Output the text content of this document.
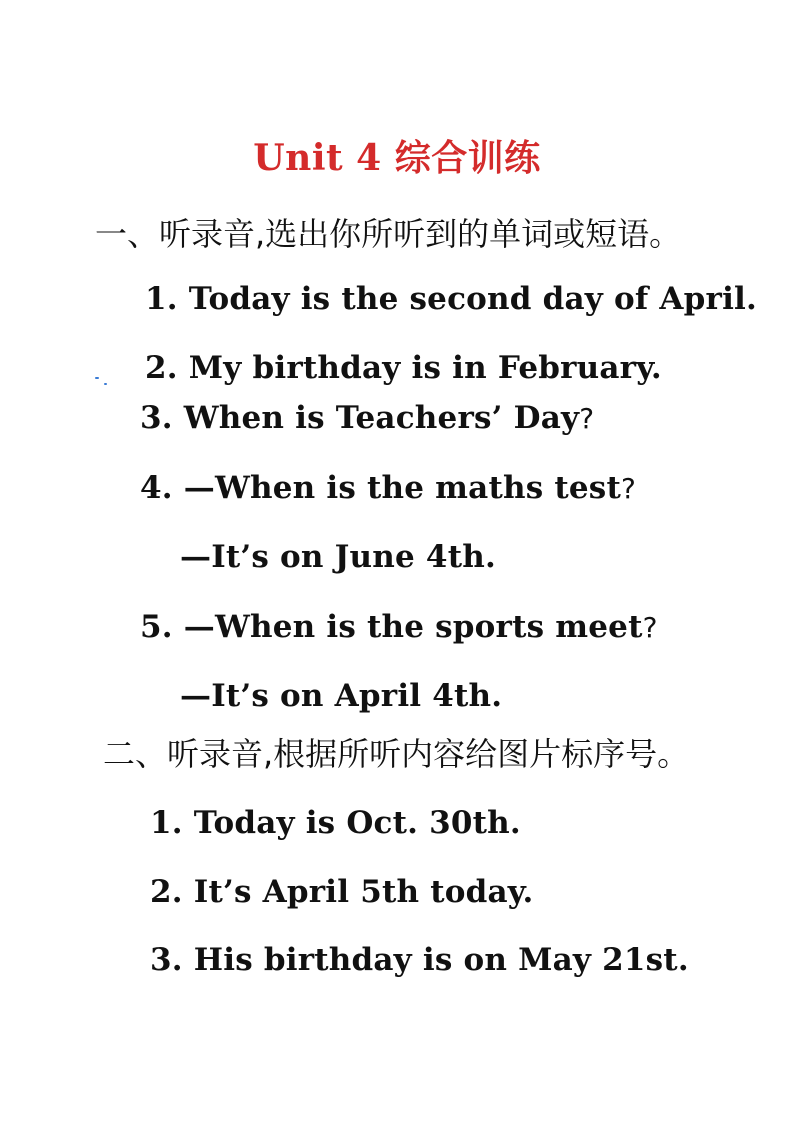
Unit 4 综合训练
一、听录音,选出你所听到的单词或短语。
1. Today is the second day of April.
2. My birthday is in February.
3. When is Teachers’ Day?
4. —When is the maths test?
—It’s on June 4th.
5. —When is the sports meet?
—It’s on April 4th.
二、听录音,根据所听内容给图片标序号。
1. Today is Oct. 30th.
2. It’s April 5th today.
3. His birthday is on May 21st.
